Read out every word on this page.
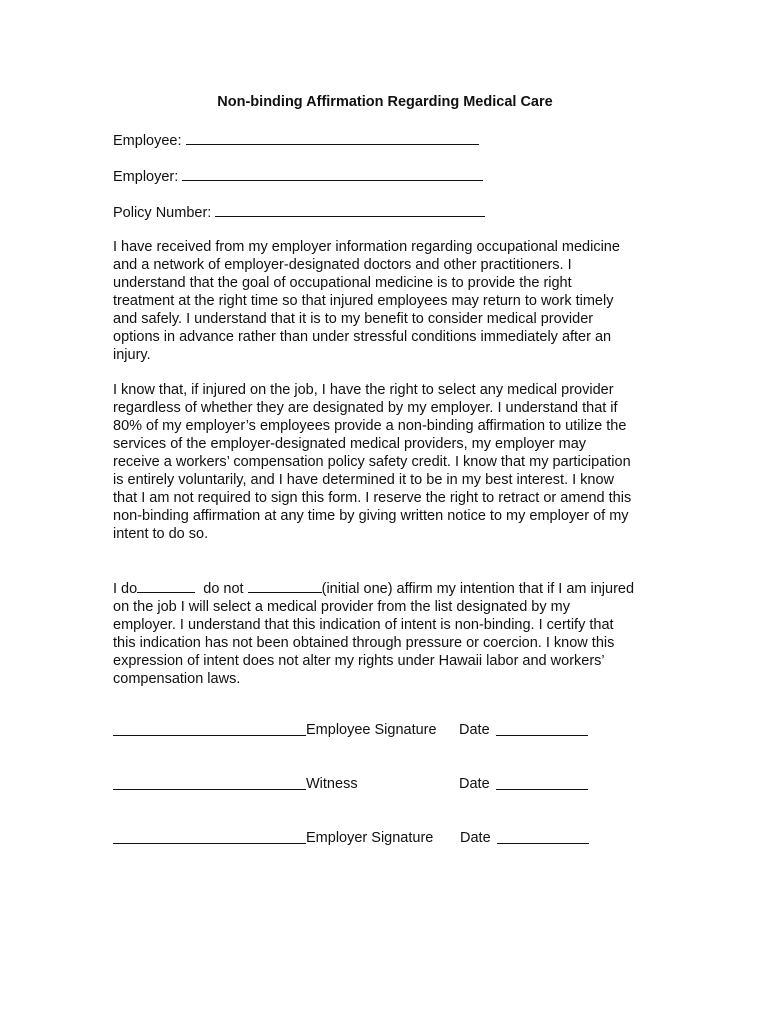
Non-binding Affirmation Regarding Medical Care
Employee:
Employer:
Policy Number:
I have received from my employer information regarding occupational medicine
and a network of employer-designated doctors and other practitioners. I
understand that the goal of occupational medicine is to provide the right
treatment at the right time so that injured employees may return to work timely
and safely. I understand that it is to my benefit to consider medical provider
options in advance rather than under stressful conditions immediately after an
injury.
I know that, if injured on the job, I have the right to select any medical provider
regardless of whether they are designated by my employer. I understand that if
80% of my employer’s employees provide a non-binding affirmation to utilize the
services of the employer-designated medical providers, my employer may
receive a workers’ compensation policy safety credit. I know that my participation
is entirely voluntarily, and I have determined it to be in my best interest. I know
that I am not required to sign this form. I reserve the right to retract or amend this
non-binding affirmation at any time by giving written notice to my employer of my
intent to do so.
I do	do not	(initial one) affirm my intention that if I am injured
on the job I will select a medical provider from the list designated by my
employer. I understand that this indication of intent is non-binding. I certify that
this indication has not been obtained through pressure or coercion. I know this
expression of intent does not alter my rights under Hawaii labor and workers’
compensation laws.
Employee Signature Date
Witness	Date
Employer Signature Date
